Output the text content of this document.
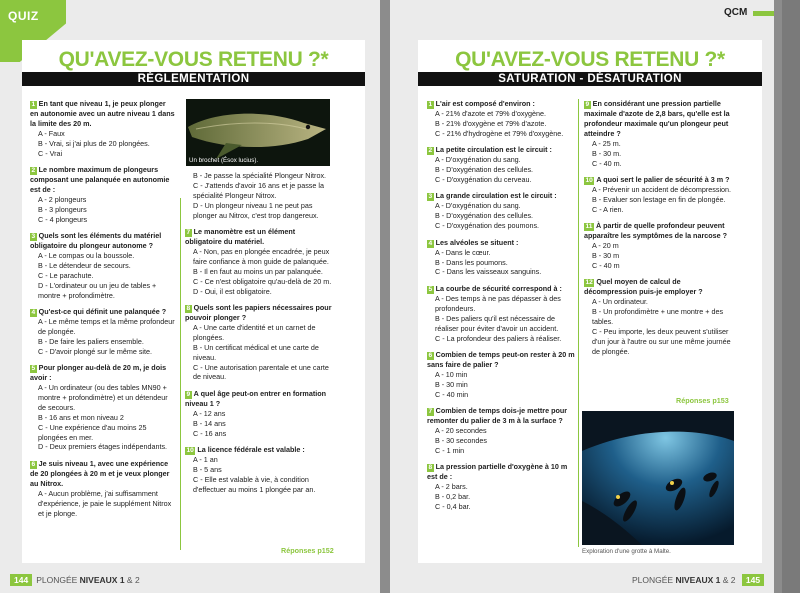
QUIZ
QU'AVEZ-VOUS RETENU ?*
RÉGLEMENTATION
1 En tant que niveau 1, je peux plonger en autonomie avec un autre niveau 1 dans la limite des 20 m.
A - Faux
B - Vrai, si j'ai plus de 20 plongées.
C - Vrai
2 Le nombre maximum de plongeurs composant une palanquée en autonomie est de :
A - 2 plongeurs
B - 3 plongeurs
C - 4 plongeurs
3 Quels sont les éléments du matériel obligatoire du plongeur autonome ?
A - Le compas ou la boussole.
B - Le détendeur de secours.
C - Le parachute.
D - L'ordinateur ou un jeu de tables + montre + profondimètre.
4 Qu'est-ce qui définit une palanquée ?
A - Le même temps et la même profondeur de plongée.
B - De faire les paliers ensemble.
C - D'avoir plongé sur le même site.
5 Pour plonger au-delà de 20 m, je dois avoir :
A - Un ordinateur (ou des tables MN90 + montre + profondimètre) et un détendeur de secours.
B - 16 ans et mon niveau 2
C - Une expérience d'au moins 25 plongées en mer.
D - Deux premiers étages indépendants.
6 Je suis niveau 1, avec une expérience de 20 plongées à 20 m et je veux plonger au Nitrox.
A - Aucun problème, j'ai suffisamment d'expérience, je paie le supplément Nitrox et je plonge.
Un brochet (Ésox lucius).
B - Je passe la spécialité Plongeur Nitrox.
C - J'attends d'avoir 16 ans et je passe la spécialité Plongeur Nitrox.
D - Un plongeur niveau 1 ne peut pas plonger au Nitrox, c'est trop dangereux.
7 Le manomètre est un élément obligatoire du matériel.
A - Non, pas en plongée encadrée, je peux faire confiance à mon guide de palanquée.
B - Il en faut au moins un par palanquée.
C - Ce n'est obligatoire qu'au-delà de 20 m.
D - Oui, il est obligatoire.
8 Quels sont les papiers nécessaires pour pouvoir plonger ?
A - Une carte d'identité et un carnet de plongées.
B - Un certificat médical et une carte de niveau.
C - Une autorisation parentale et une carte de niveau.
9 A quel âge peut-on entrer en formation niveau 1 ?
A - 12 ans
B - 14 ans
C - 16 ans
10 La licence fédérale est valable :
A - 1 an
B - 5 ans
C - Elle est valable à vie, à condition d'effectuer au moins 1 plongée par an.
Réponses p152
144 PLONGÉE NIVEAUX 1 & 2
QCM
QU'AVEZ-VOUS RETENU ?*
SATURATION - DÉSATURATION
1 L'air est composé d'environ :
A - 21% d'azote et 79% d'oxygène.
B - 21% d'oxygène et 79% d'azote.
C - 21% d'hydrogène et 79% d'oxygène.
2 La petite circulation est le circuit :
A - D'oxygénation du sang.
B - D'oxygénation des cellules.
C - D'oxygénation du cerveau.
3 La grande circulation est le circuit :
A - D'oxygénation du sang.
B - D'oxygénation des cellules.
C - D'oxygénation des poumons.
4 Les alvéoles se situent :
A - Dans le cœur.
B - Dans les poumons.
C - Dans les vaisseaux sanguins.
5 La courbe de sécurité correspond à :
A - Des temps à ne pas dépasser à des profondeurs.
B - Des paliers qu'il est nécessaire de réaliser pour éviter d'avoir un accident.
C - La profondeur des paliers à réaliser.
6 Combien de temps peut-on rester à 20 m sans faire de palier ?
A - 10 min
B - 30 min
C - 40 min
7 Combien de temps dois-je mettre pour remonter du palier de 3 m à la surface ?
A - 20 secondes
B - 30 secondes
C - 1 min
8 La pression partielle d'oxygène à 10 m est de :
A - 2 bars.
B - 0,2 bar.
C - 0,4 bar.
9 En considérant une pression partielle maximale d'azote de 2,8 bars, qu'elle est la profondeur maximale qu'un plongeur peut atteindre ?
A - 25 m.
B - 30 m.
C - 40 m.
10 A quoi sert le palier de sécurité à 3 m ?
A - Prévenir un accident de décompression.
B - Evaluer son lestage en fin de plongée.
C - A rien.
11 À partir de quelle profondeur peuvent apparaître les symptômes de la narcose ?
A - 20 m
B - 30 m
C - 40 m
12 Quel moyen de calcul de décompression puis-je employer ?
A - Un ordinateur.
B - Un profondimètre + une montre + des tables.
C - Peu importe, les deux peuvent s'utiliser d'un jour à l'autre ou sur une même journée de plongée.
Réponses p153
Exploration d'une grotte à Malte.
PLONGÉE NIVEAUX 1 & 2 145
